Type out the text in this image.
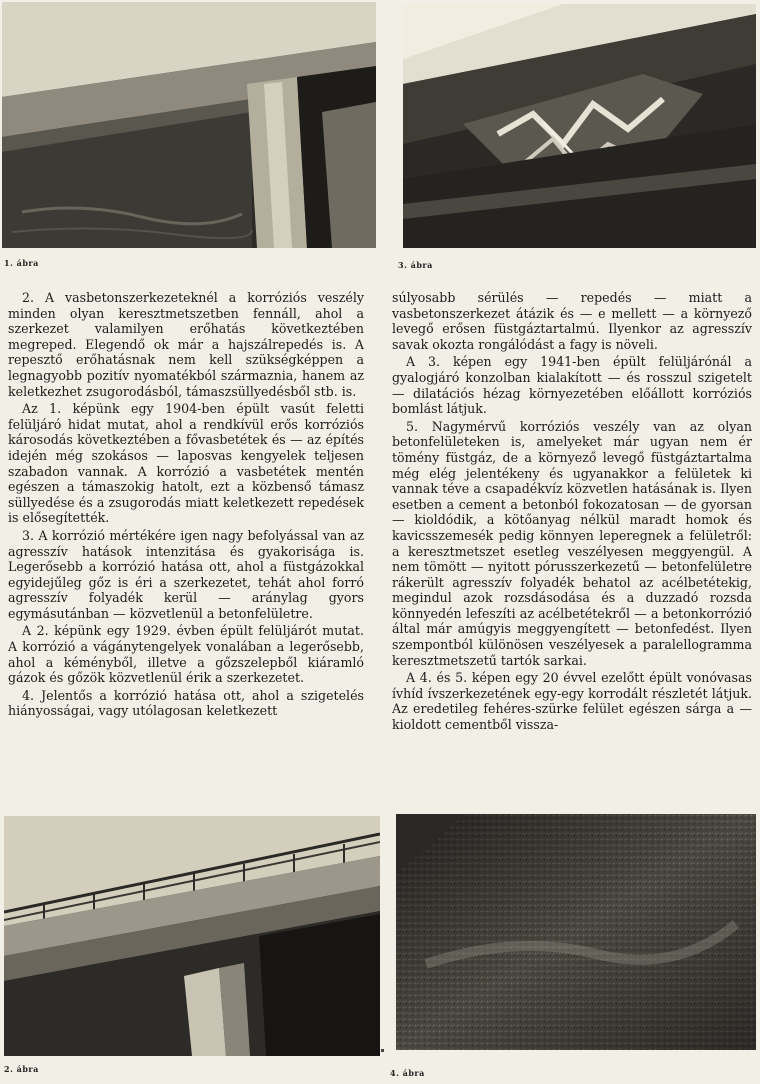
1. ábra	3. ábra

2. A vasbetonszerkezeteknél a korróziós veszély minden olyan keresztmetszetben fennáll, ahol a szerkezet valamilyen erőhatás következtében megreped. Elegendő ok már a hajszálrepedés is. A repesztő erőhatásnak nem kell szükségképpen a legnagyobb pozitív nyomatékból származnia, hanem az keletkezhet zsugorodásból, támaszsüllyedésből stb. is.

Az 1. képünk egy 1904-ben épült vasút feletti felüljáró hidat mutat, ahol a rendkívül erős korróziós károsodás következtében a fővasbetétek és — az építés idején még szokásos — laposvas kengyelek teljesen szabadon vannak. A korrózió a vasbetétek mentén egészen a támaszokig hatolt, ezt a közbenső támasz süllyedése és a zsugorodás miatt keletkezett repedések is elősegítették.

3. A korrózió mértékére igen nagy befolyással van az agresszív hatások intenzitása és gyakorisága is. Legerősebb a korrózió hatása ott, ahol a füstgázokkal egyidejűleg gőz is éri a szerkezetet, tehát ahol forró agresszív folyadék kerül — aránylag gyors egymásutánban — közvetlenül a betonfelületre.

A 2. képünk egy 1929. évben épült felüljárót mutat. A korrózió a vágánytengelyek vonalában a legerősebb, ahol a kéményből, illetve a gőzszelepből kiáramló gázok és gőzök közvetlenül érik a szerkezetet.

4. Jelentős a korrózió hatása ott, ahol a szigetelés hiányosságai, vagy utólagosan keletkezett

súlyosabb sérülés — repedés — miatt a vasbetonszerkezet átázik és — e mellett — a környező levegő erősen füstgáztartalmú. Ilyenkor az agresszív savak okozta rongálódást a fagy is növeli.

A 3. képen egy 1941-ben épült felüljárónál a gyalogjáró konzolban kialakított — és rosszul szigetelt — dilatációs hézag környezetében előállott korróziós bomlást látjuk.

5. Nagymérvű korróziós veszély van az olyan betonfelületeken is, amelyeket már ugyan nem ér tömény füstgáz, de a környező levegő füstgáztartalma még elég jelentékeny és ugyanakkor a felületek ki vannak téve a csapadékvíz közvetlen hatásának is. Ilyen esetben a cement a betonból fokozatosan — de gyorsan — kioldódik, a kötőanyag nélkül maradt homok és kavicsszemesék pedig könnyen leperegnek a felületről: a keresztmetszet esetleg veszélyesen meggyengül. A nem tömött — nyitott pórusszerkezetű — betonfelületre rákerült agresszív folyadék behatol az acélbetétekig, megindul azok rozsdásodása és a duzzadó rozsda könnyedén lefeszíti az acélbetétekről — a betonkorrózió által már amúgyis meggyengített — betonfedést. Ilyen szempontból különösen veszélyesek a paralellogramma keresztmetszetű tartók sarkai.

A 4. és 5. képen egy 20 évvel ezelőtt épült vonóvasas ívhíd ívszerkezetének egy-egy korrodált részletét látjuk. Az eredetileg fehéres-szürke felület egészen sárga a — kioldott cementből vissza-

2. ábra	4. ábra
